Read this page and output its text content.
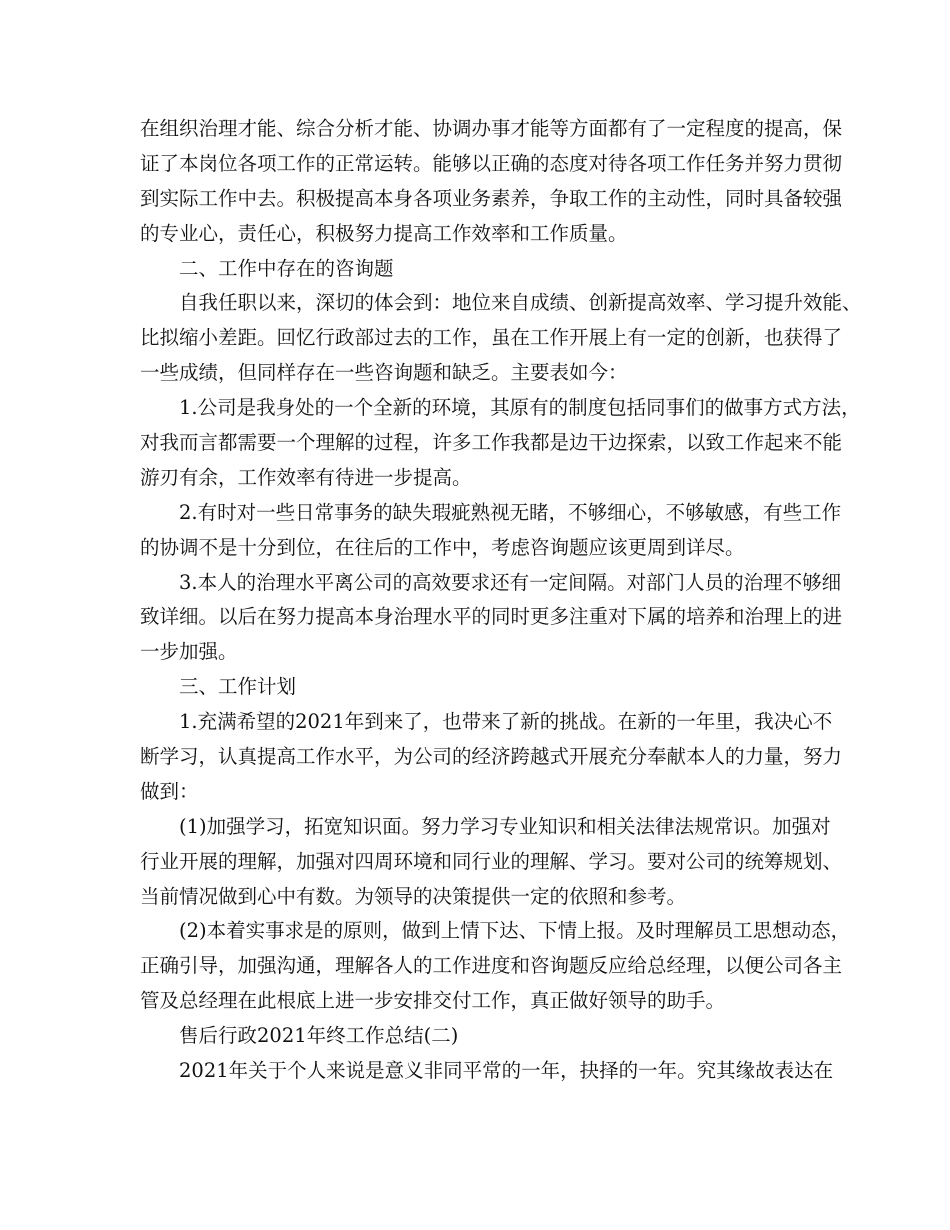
在组织治理才能、综合分析才能、协调办事才能等方面都有了一定程度的提高，保
证了本岗位各项工作的正常运转。能够以正确的态度对待各项工作任务并努力贯彻
到实际工作中去。积极提高本身各项业务素养，争取工作的主动性，同时具备较强
的专业心，责任心，积极努力提高工作效率和工作质量。
二、工作中存在的咨询题
自我任职以来，深切的体会到：地位来自成绩、创新提高效率、学习提升效能、
比拟缩小差距。回忆行政部过去的工作，虽在工作开展上有一定的创新，也获得了
一些成绩，但同样存在一些咨询题和缺乏。主要表如今：
1.公司是我身处的一个全新的环境，其原有的制度包括同事们的做事方式方法，
对我而言都需要一个理解的过程，许多工作我都是边干边探索，以致工作起来不能
游刃有余，工作效率有待进一步提高。
2.有时对一些日常事务的缺失瑕疵熟视无睹，不够细心，不够敏感，有些工作
的协调不是十分到位，在往后的工作中，考虑咨询题应该更周到详尽。
3.本人的治理水平离公司的高效要求还有一定间隔。对部门人员的治理不够细
致详细。以后在努力提高本身治理水平的同时更多注重对下属的培养和治理上的进
一步加强。
三、工作计划
1.充满希望的2021年到来了，也带来了新的挑战。在新的一年里，我决心不
断学习，认真提高工作水平，为公司的经济跨越式开展充分奉献本人的力量，努力
做到：
(1)加强学习，拓宽知识面。努力学习专业知识和相关法律法规常识。加强对
行业开展的理解，加强对四周环境和同行业的理解、学习。要对公司的统筹规划、
当前情况做到心中有数。为领导的决策提供一定的依照和参考。
(2)本着实事求是的原则，做到上情下达、下情上报。及时理解员工思想动态，
正确引导，加强沟通，理解各人的工作进度和咨询题反应给总经理，以便公司各主
管及总经理在此根底上进一步安排交付工作，真正做好领导的助手。
售后行政2021年终工作总结(二)
2021年关于个人来说是意义非同平常的一年，抉择的一年。究其缘故表达在
